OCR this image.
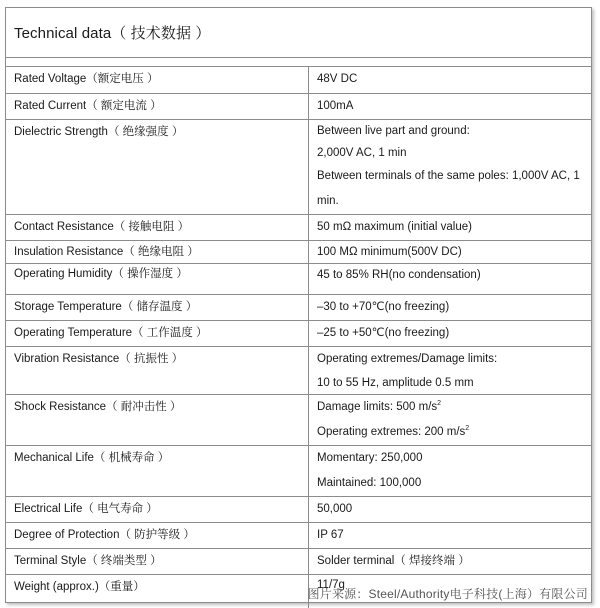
Technical data（ 技术数据 ）
Rated Voltage（额定电压 ）	48V DC

Rated Current（ 额定电流 ）	100mA

Dielectric Strength（ 绝缘强度 ）	Between live part and ground:
2,000V AC, 1 min
Between terminals of the same poles: 1,000V AC, 1
min.

Contact Resistance（ 接触电阻 ）	50 mΩ maximum (initial value)

Insulation Resistance（ 绝缘电阻 ）	100 MΩ minimum(500V DC)

Operating Humidity（ 操作湿度 ）	45 to 85% RH(no condensation)

Storage Temperature（ 储存温度 ）	–30 to +70℃(no freezing)

Operating Temperature（ 工作温度 ）	–25 to +50℃(no freezing)

Vibration Resistance（ 抗振性 ）	Operating extremes/Damage limits:
10 to 55 Hz, amplitude 0.5 mm

Shock Resistance（ 耐冲击性 ）	Damage limits: 500 $m/s^2$
Operating extremes: 200 $m/s^2$

Mechanical Life（ 机械寿命 ）	Momentary: 250,000
Maintained: 100,000

Electrical Life（ 电气寿命 ）	50,000

Degree of Protection（ 防护等级 ）	IP 67

Terminal Style（ 终端类型 ）	Solder terminal（ 焊接终端 ）

Weight (approx.)（重量）	11/7g
图片来源：Steel/Authority电子科技(上海）有限公司
